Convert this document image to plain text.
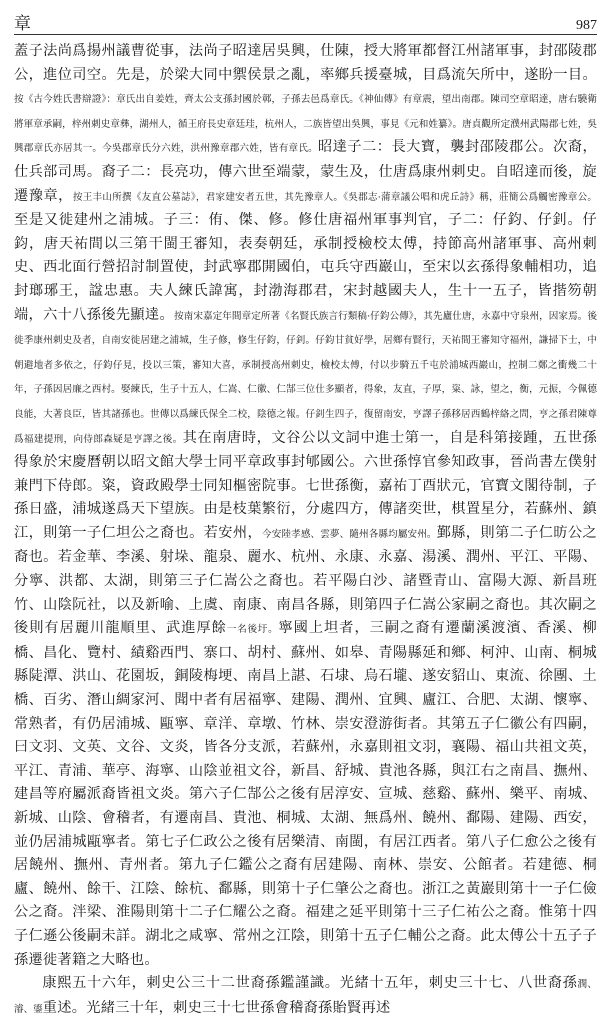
章	987

蓋子法尚爲揚州議曹從事，法尚子昭達居吳興，仕陳，授大將軍都督江州諸軍事，封邵陵郡公，進位司空。先是，於梁大同中禦侯景之亂，率鄉兵援臺城，目爲流矢所中，遂盼一目。按《古今姓氏書辯證》：章氏出自姜姓，齊太公支孫封國於鄣，子孫去邑爲章氏。《神仙傳》有章震，望出南郡。陳司空章昭達，唐右驍衛將軍章承嗣，梓州刺史章彝，湖州人，循王府長史章廷珪，杭州人，二族皆望出吳興，事見《元和姓纂》。唐貞觀所定濮州武陽郡七姓，吳興郡章氏亦居其一。今吳郡章氏分六姓，洪州豫章郡六姓，皆有章氏。昭達子二：長大寶，襲封邵陵郡公。次裔，仕兵部司馬。裔子二：長亮功，傳六世至端蒙，蒙生及，仕唐爲康州刺史。自昭達而後，旋遷豫章，按王丰山所撰《友直公墓誌》，君家建安者五世，其先豫章人。《吳郡志·蒲章議公唱和虎丘詩》稱，莊簡公爲觸密豫章公。至是又徙建州之浦城。子三：侑、傑、修。修仕唐福州軍事判官，子二：仔鈞、仔釗。仔鈞，唐天祐間以三第干閩王審知，表奏朝廷，承制授檢校太傅，持節高州諸軍事、高州刺史、西北面行營招討制置使，封武寧郡開國伯，屯兵守西巖山，至宋以玄孫得象輔相功，追封瑯琊王，諡忠惠。夫人練氏諱寓，封渤海郡君，宋封越國夫人，生十一五子，皆揩笏朝端，六十八孫後先顯達。按南宋嘉定年間章定所著《名賢氏族言行類稿·仔鈞公傳》，其先廬仕唐，永嘉中守泉州，因家焉。後徙季康州刺史及者，自南安徙居建之浦城，生子修，修生仔鈞，仔釗。仔鈞甘貧好學，居鄉有賢行，天祐間王審知守福州，謙掃下士，中朝避地者多依之，仔鈞仔見，投以三策，審知大喜，承制授高州刺史，檢校太傅，付以步騎五千屯於浦城西巖山，控制二鄭之衝幾二十年，子孫因居廉之西村。娶練氏，生子十五人，仁嵩、仁徽、仁郜三位仕多顯者，得象，友直，子厚，粢、詠，望之，衡，元振，今佩德良能，大著良臣，皆其諸孫也。世傳以爲練氏保全二校，陰德之報。仔釗生四子，復留南安，亨譯子孫移居西鶴梓絡之問，亨之孫君陳尊爲福建提刑，向侍郎森疑是亨譯之後。其在南唐時，文谷公以文詞中進士第一，自是科第接踵，五世孫得象於宋慶曆朝以昭文館大學士同平章政事封郇國公。六世孫惇官參知政事，晉尚書左僕射兼門下侍郎。粢，資政殿學士同知樞密院事。七世孫衡，嘉祐丁酉狀元，官寶文閣待制，子孫日盛，浦城遂爲天下望族。由是枝葉繁衍，分處四方，傳諸奕世，棋置星分，若蘇州、鎮江，則第一子仁坦公之裔也。若安州，今安陸孝感、雲夢、隨州各縣均屬安州。鄞縣，則第二子仁昉公之裔也。若金華、李溪、射垛、龍泉、麗水、杭州、永康、永嘉、湯溪、潤州、平江、平陽、分寧、洪都、太湖，則第三子仁嵩公之裔也。若平陽白沙、諸暨青山、富陽大源、新昌班竹、山陰阮社，以及新喻、上虞、南康、南昌各縣，則第四子仁嵩公家嗣之裔也。其次嗣之後則有居麗川龍順里、武進厚餘一名後圩。寧國上坦者，三嗣之裔有遷蘭溪渡濱、香溪、柳橋、昌化、覽村、績谿西門、寨口、胡村、蘇州、如皋、青陽縣延和鄉、柯沖、山南、桐城縣陡潭、洪山、花園坂，銅陵梅埂、南昌上諶、石埭、烏石壠、遂安貂山、東流、徐團、土橋、百劣、潛山綢家河、聞中者有居福寧、建陽、潤州、宜興、廬江、合肥、太湖、懷寧、常熟者，有仍居浦城、甌寧、章洋、章墩、竹林、崇安澄游街者。其第五子仁徽公有四嗣，曰文羽、文英、文谷、文炎，皆各分支派，若蘇州，永嘉則祖文羽，襄陽、福山共祖文英，平江、青浦、華亭、海寧、山陰並祖文谷，新昌、舒城、貴池各縣，與江右之南昌、撫州、建昌等府屬派裔皆祖文炎。第六子仁郜公之後有居淳安、宣城、慈谿、蘇州、樂平、南城、新城、山陰、會稽者，有遷南昌、貴池、桐城、太湖、無爲州、饒州、鄱陽、建陽、西安，並仍居浦城甌寧者。第七子仁政公之後有居樂清、南閩，有居江西者。第八子仁愈公之後有居饒州、撫州、青州者。第九子仁鑑公之裔有居建陽、南林、崇安、公館者。若建德、桐廬、饒州、餘干、江陰、餘杭、鄱縣，則第十子仁肇公之裔也。浙江之黃巖則第十一子仁儉公之裔。泮梁、淮陽則第十二子仁耀公之裔。福建之延平則第十三子仁祐公之裔。惟第十四子仁遜公後嗣未詳。湖北之咸寧、常州之江陰，則第十五子仁輔公之裔。此太傅公十五子子孫遷徙著籍之大略也。

康熙五十六年，刺史公三十二世裔孫鑑謹識。光緒十五年，刺史三十七、八世裔孫潤、濬、鎏重述。光緒三十年，刺史三十七世孫會稽裔孫貽賢再述
